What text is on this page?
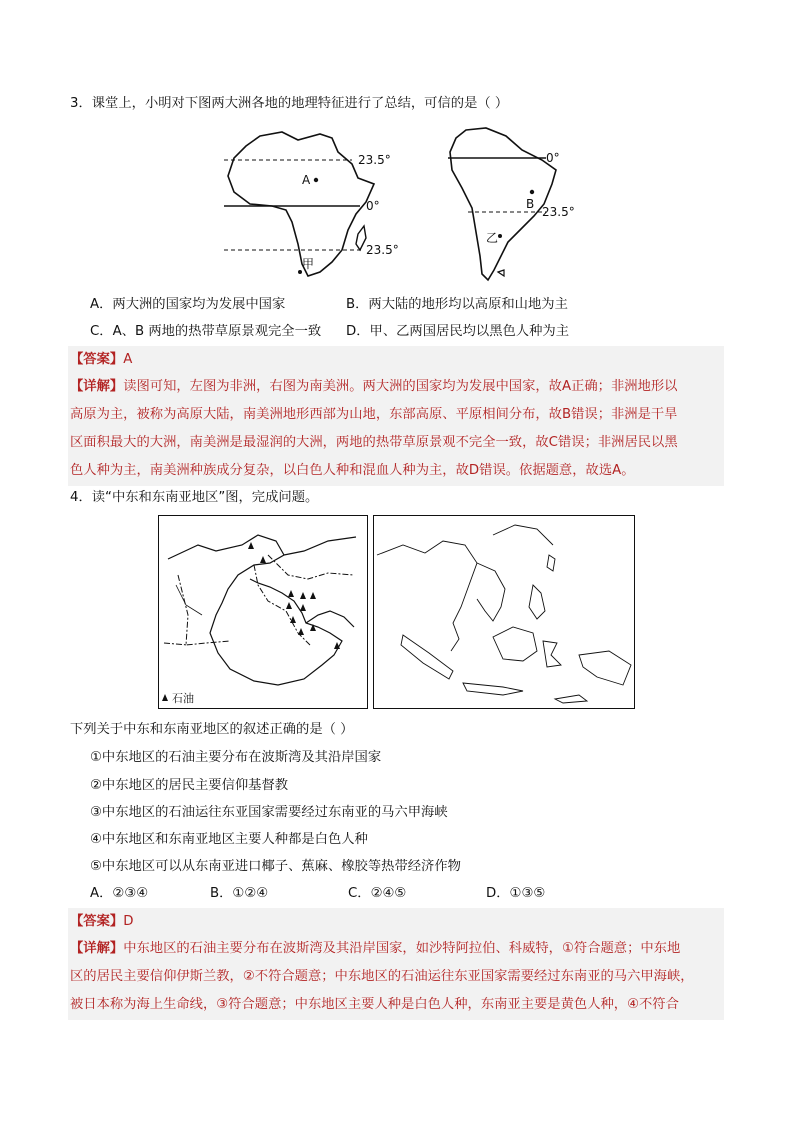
3．课堂上，小明对下图两大洲各地的地理特征进行了总结，可信的是（ ）
23.5°
0°
23.5°
A
甲
0°
B
23.5°
乙
A．两大洲的国家均为发展中国家	B．两大陆的地形均以高原和山地为主
C．A、B 两地的热带草原景观完全一致 D．甲、乙两国居民均以黑色人种为主
【答案】A
【详解】读图可知，左图为非洲，右图为南美洲。两大洲的国家均为发展中国家，故A正确；非洲地形以
高原为主，被称为高原大陆，南美洲地形西部为山地，东部高原、平原相间分布，故B错误；非洲是干旱
区面积最大的大洲，南美洲是最湿润的大洲，两地的热带草原景观不完全一致，故C错误；非洲居民以黑
色人种为主，南美洲种族成分复杂，以白色人种和混血人种为主，故D错误。依据题意，故选A。
4．读“中东和东南亚地区”图，完成问题。
石油
下列关于中东和东南亚地区的叙述正确的是（ ）
①中东地区的石油主要分布在波斯湾及其沿岸国家
②中东地区的居民主要信仰基督教
③中东地区的石油运往东亚国家需要经过东南亚的马六甲海峡
④中东地区和东南亚地区主要人种都是白色人种
⑤中东地区可以从东南亚进口椰子、蕉麻、橡胶等热带经济作物
A．②③④	B．①②④	C．②④⑤	D．①③⑤
【答案】D
【详解】中东地区的石油主要分布在波斯湾及其沿岸国家，如沙特阿拉伯、科威特，①符合题意；中东地
区的居民主要信仰伊斯兰教，②不符合题意；中东地区的石油运往东亚国家需要经过东南亚的马六甲海峡，
被日本称为海上生命线，③符合题意；中东地区主要人种是白色人种，东南亚主要是黄色人种，④不符合
